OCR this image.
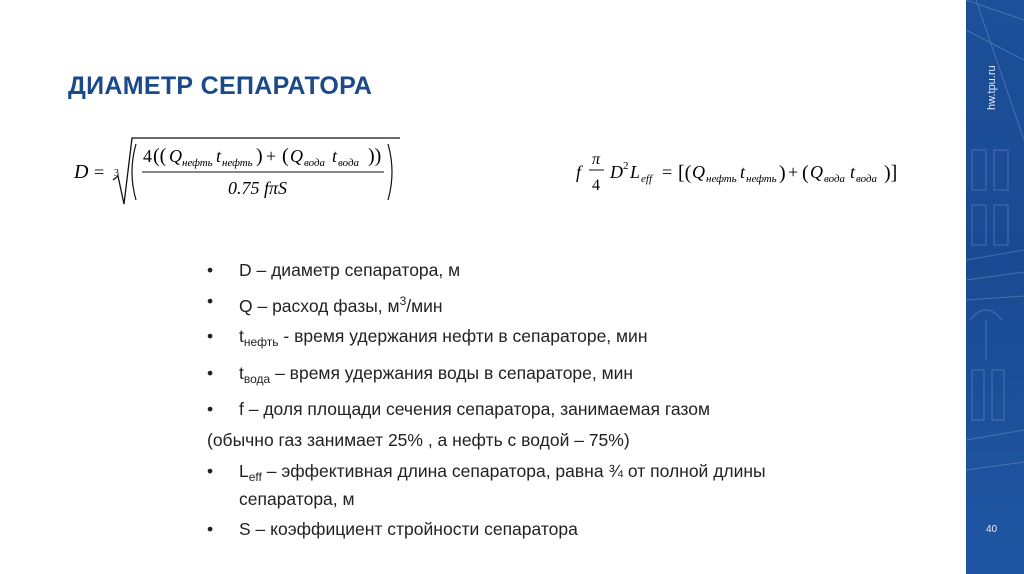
hw.tpu.ru
40
ДИАМЕТР СЕПАРАТОРА
D = 3
4 (( Q нефть t нефть ) + ( Q вода t вода ))
0.75 fπS
f
π
4
D 2 L eff = [( Q нефть t нефть ) + ( Q вода t вода )]
• D – диаметр сепаратора, м
• Q – расход фазы, $м^3$/мин
• $t_{нефть}$ - время удержания нефти в сепараторе, мин
• $t_{вода}$ – время удержания воды в сепараторе, мин
• f – доля площади сечения сепаратора, занимаемая газом
(обычно газ занимает 25% , а нефть с водой – 75%)
• $L_{eff}$ – эффективная длина сепаратора, равна ¾ от полной длины сепаратора, м
• S – коэффициент стройности сепаратора
